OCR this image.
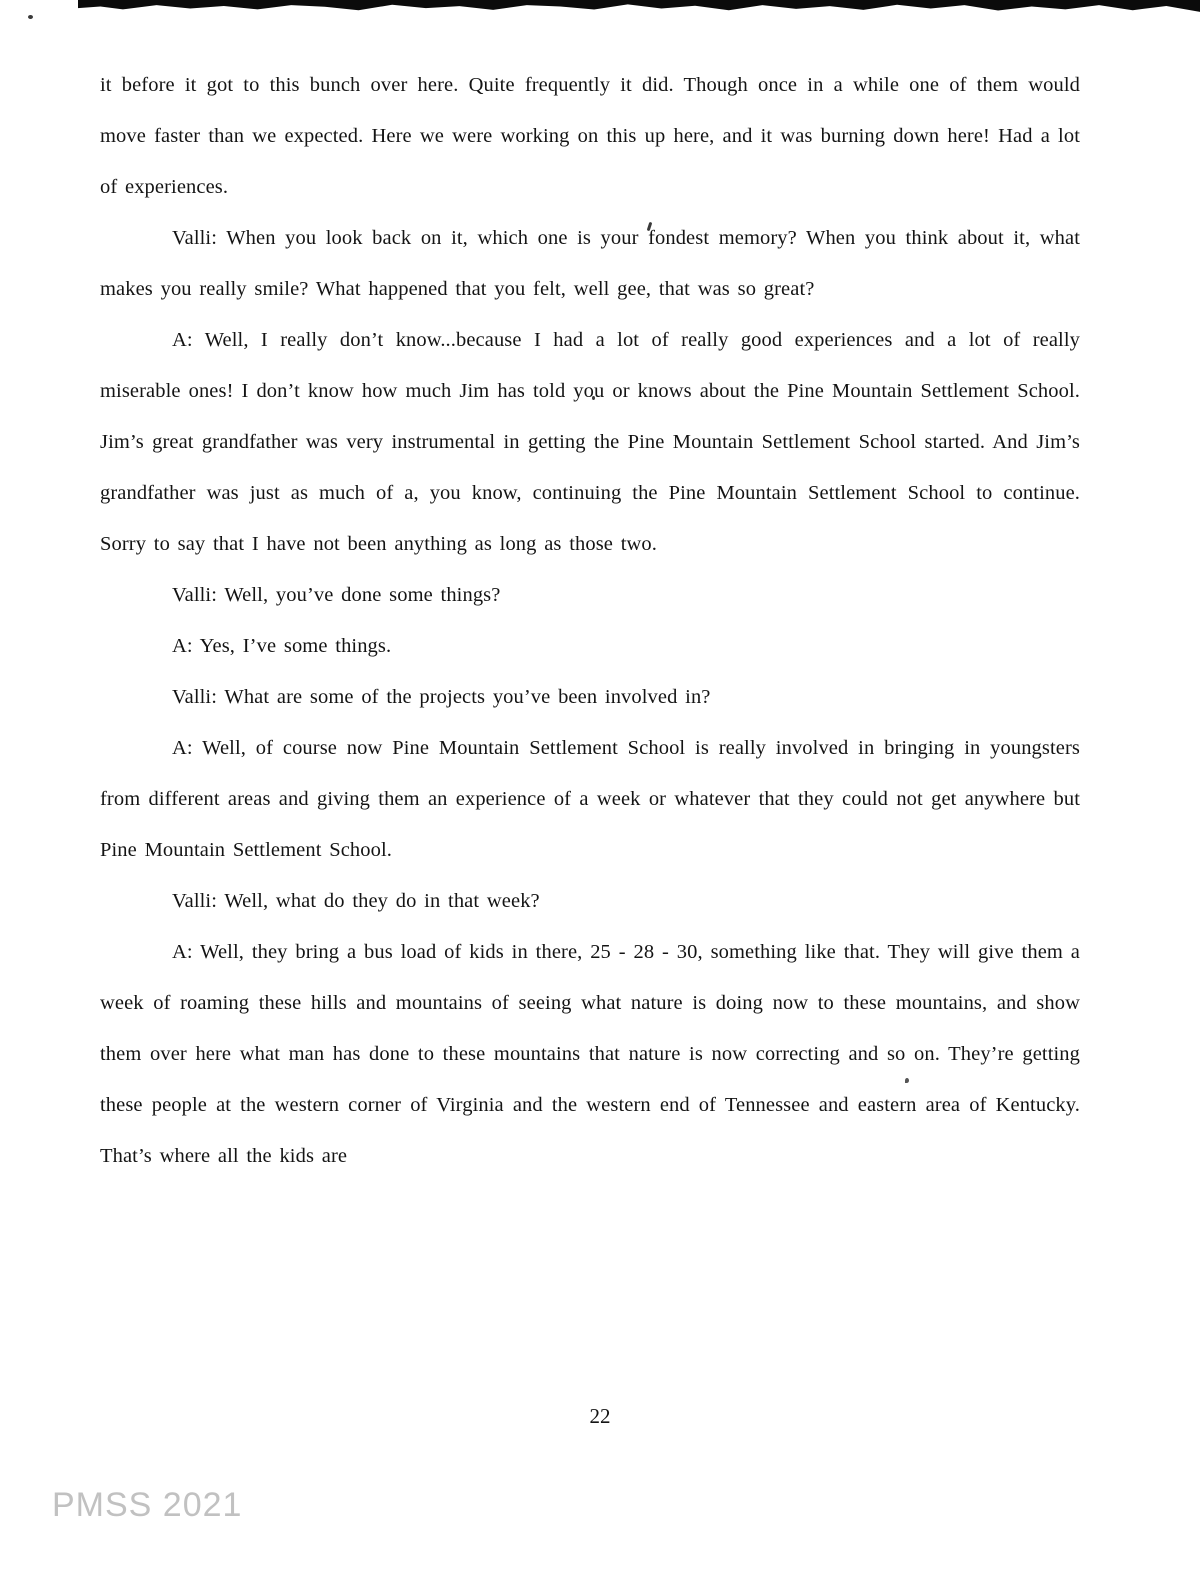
it before it got to this bunch over here. Quite frequently it did. Though once in a while one of them would move faster than we expected. Here we were working on this up here, and it was burning down here! Had a lot of experiences.

Valli: When you look back on it, which one is your fondest memory? When you think about it, what makes you really smile? What happened that you felt, well gee, that was so great?

A: Well, I really don’t know...because I had a lot of really good experiences and a lot of really miserable ones! I don’t know how much Jim has told you or knows about the Pine Mountain Settlement School. Jim’s great grandfather was very instrumental in getting the Pine Mountain Settlement School started. And Jim’s grandfather was just as much of a, you know, continuing the Pine Mountain Settlement School to continue. Sorry to say that I have not been anything as long as those two.

Valli: Well, you’ve done some things?

A: Yes, I’ve some things.

Valli: What are some of the projects you’ve been involved in?

A: Well, of course now Pine Mountain Settlement School is really involved in bringing in youngsters from different areas and giving them an experience of a week or whatever that they could not get anywhere but Pine Mountain Settlement School.

Valli: Well, what do they do in that week?

A: Well, they bring a bus load of kids in there, 25 - 28 - 30, something like that. They will give them a week of roaming these hills and mountains of seeing what nature is doing now to these mountains, and show them over here what man has done to these mountains that nature is now correcting and so on. They’re getting these people at the western corner of Virginia and the western end of Tennessee and eastern area of Kentucky. That’s where all the kids are

22
PMSS 2021
